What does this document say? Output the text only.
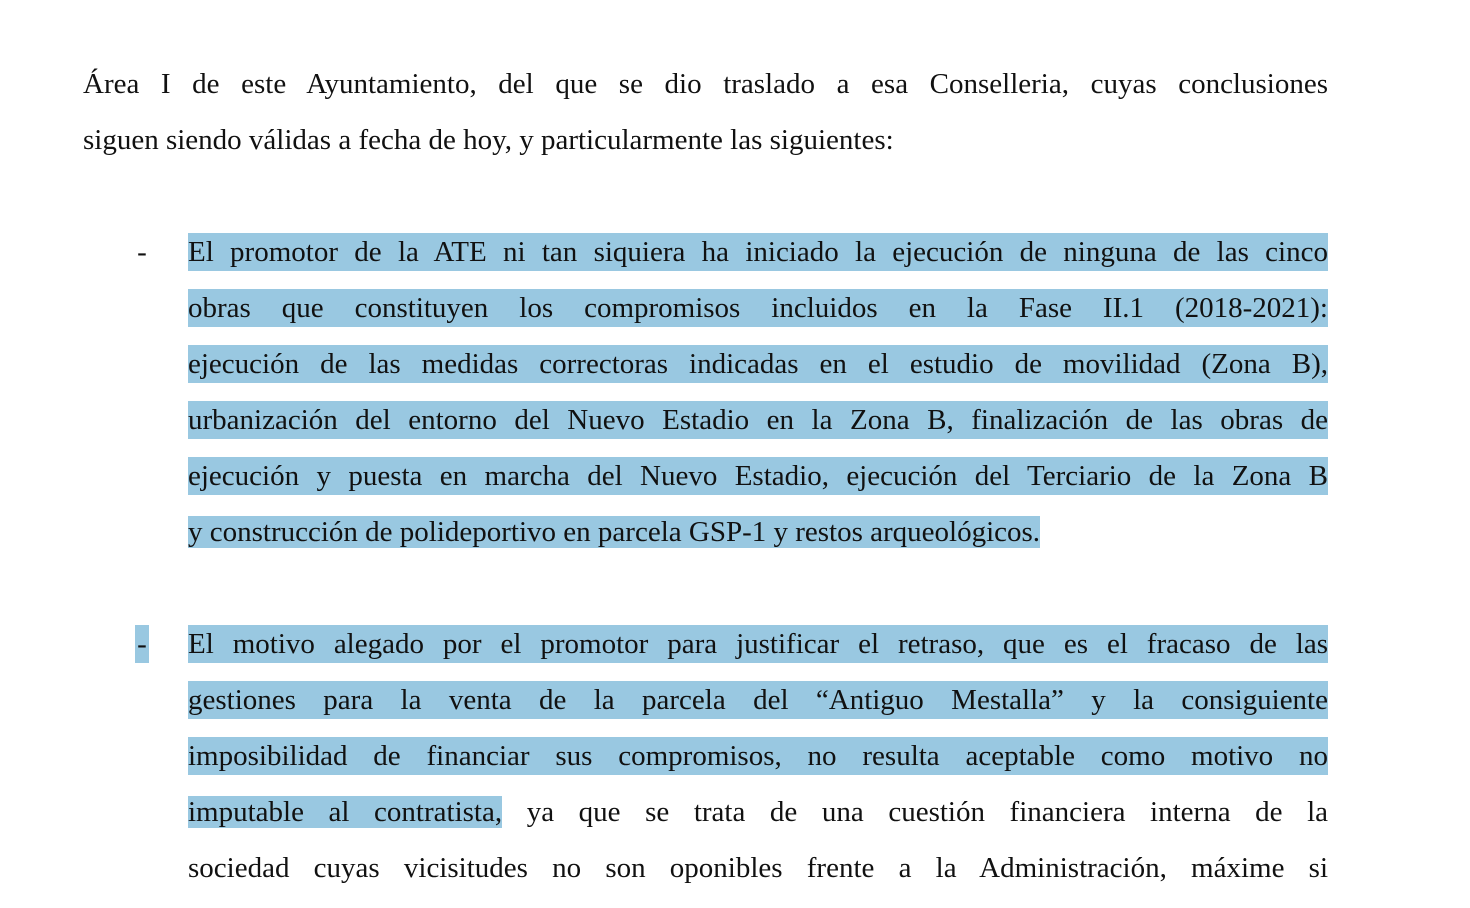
Área I de este Ayuntamiento, del que se dio traslado a esa Conselleria, cuyas conclusiones
siguen siendo válidas a fecha de hoy, y particularmente las siguientes:
- El promotor de la ATE ni tan siquiera ha iniciado la ejecución de ninguna de las cinco
obras que constituyen los compromisos incluidos en la Fase II.1 (2018-2021):
ejecución de las medidas correctoras indicadas en el estudio de movilidad (Zona B),
urbanización del entorno del Nuevo Estadio en la Zona B, finalización de las obras de
ejecución y puesta en marcha del Nuevo Estadio, ejecución del Terciario de la Zona B
y construcción de polideportivo en parcela GSP-1 y restos arqueológicos.
- El motivo alegado por el promotor para justificar el retraso, que es el fracaso de las
gestiones para la venta de la parcela del “Antiguo Mestalla” y la consiguiente
imposibilidad de financiar sus compromisos, no resulta aceptable como motivo no
imputable al contratista, ya que se trata de una cuestión financiera interna de la
sociedad cuyas vicisitudes no son oponibles frente a la Administración, máxime si
